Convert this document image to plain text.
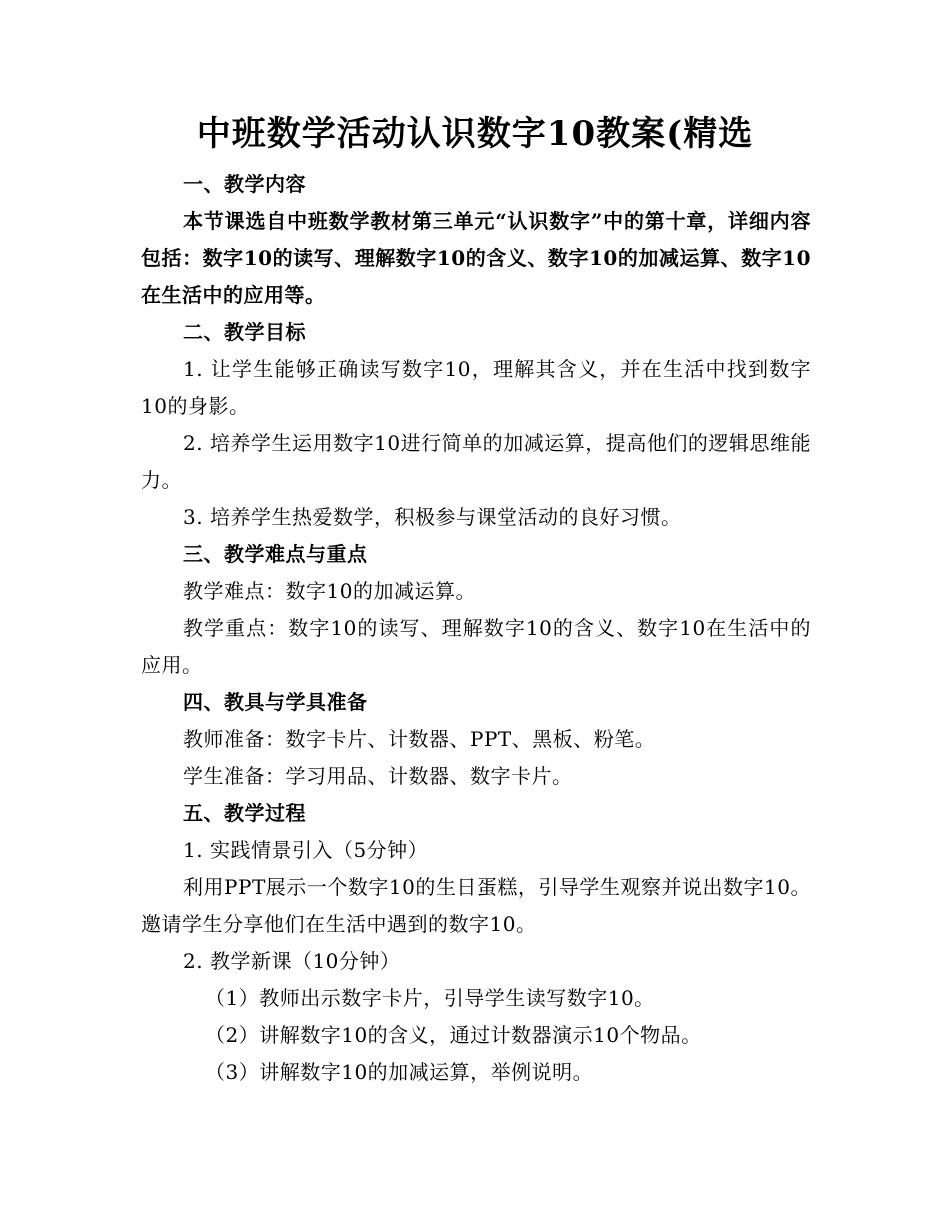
中班数学活动认识数字10教案(精选

一、教学内容

本节课选自中班数学教材第三单元“认识数字”中的第十章，详细内容包括：数字10的读写、理解数字10的含义、数字10的加减运算、数字10在生活中的应用等。

二、教学目标

1. 让学生能够正确读写数字10，理解其含义，并在生活中找到数字10的身影。

2. 培养学生运用数字10进行简单的加减运算，提高他们的逻辑思维能力。

3. 培养学生热爱数学，积极参与课堂活动的良好习惯。

三、教学难点与重点

教学难点：数字10的加减运算。

教学重点：数字10的读写、理解数字10的含义、数字10在生活中的应用。

四、教具与学具准备

教师准备：数字卡片、计数器、PPT、黑板、粉笔。

学生准备：学习用品、计数器、数字卡片。

五、教学过程

1. 实践情景引入（5分钟）

利用PPT展示一个数字10的生日蛋糕，引导学生观察并说出数字10。邀请学生分享他们在生活中遇到的数字10。

2. 教学新课（10分钟）

（1）教师出示数字卡片，引导学生读写数字10。

（2）讲解数字10的含义，通过计数器演示10个物品。

（3）讲解数字10的加减运算，举例说明。
